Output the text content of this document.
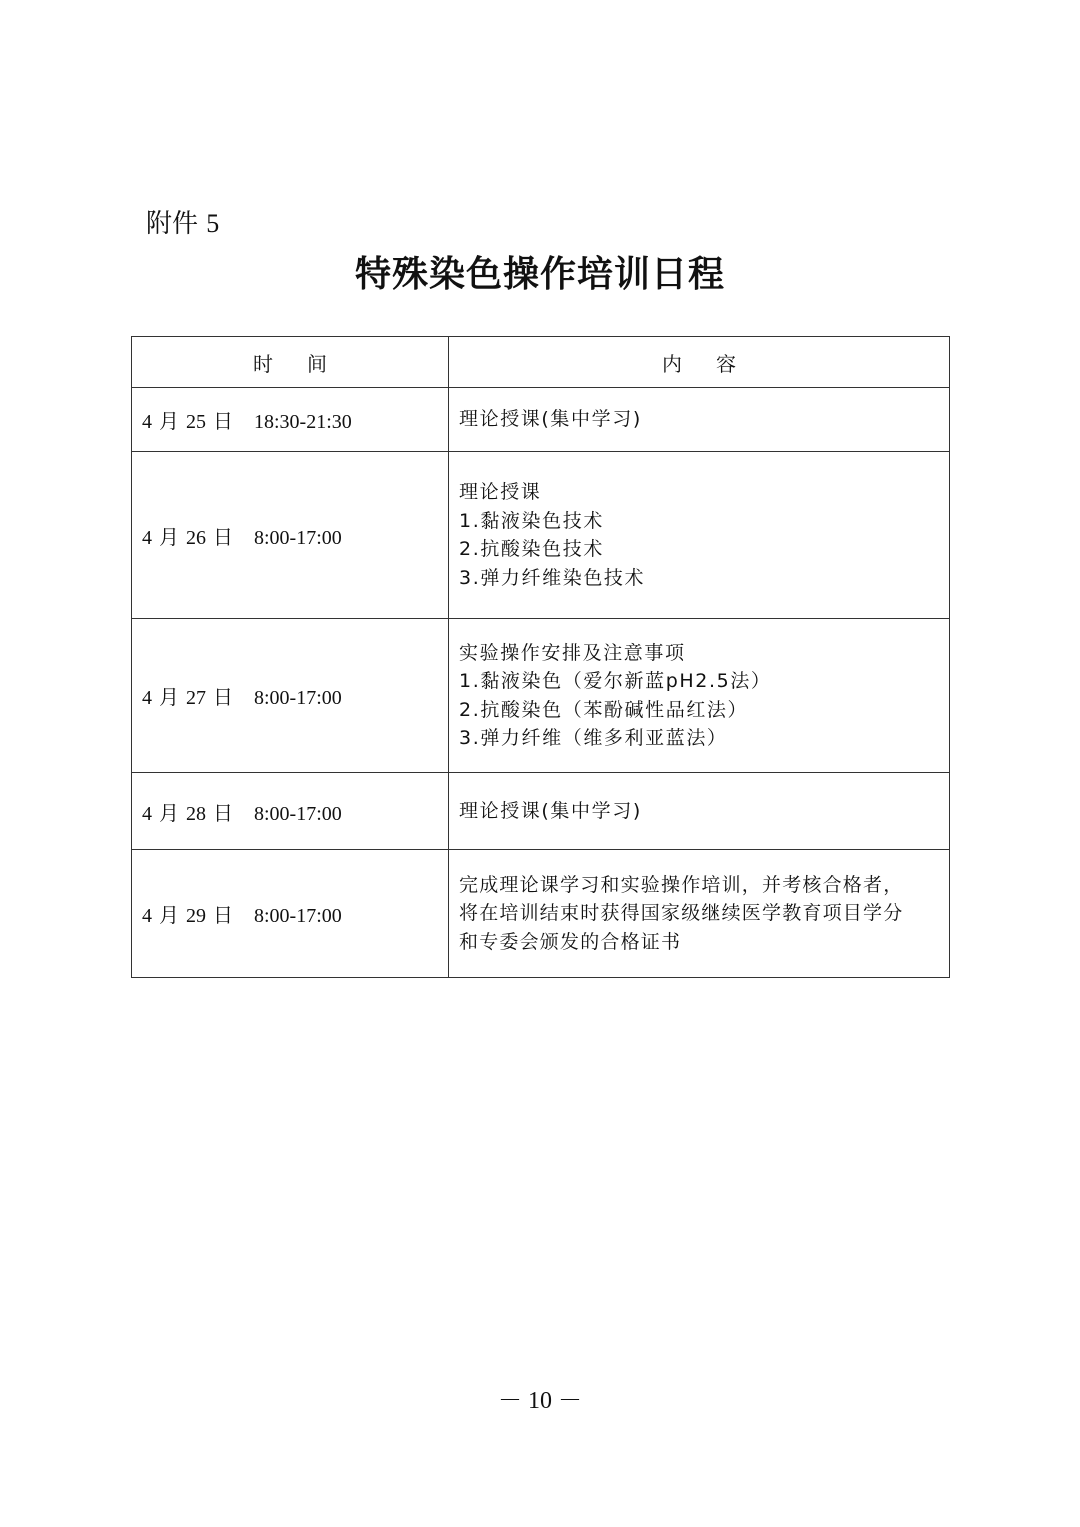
附件 5
特殊染色操作培训日程
时间	内容
4 月 25 日   18:30-21:30	理论授课(集中学习)

4 月 26 日   8:00-17:00	理论授课
1.黏液染色技术
2.抗酸染色技术
3.弹力纤维染色技术

4 月 27 日   8:00-17:00	实验操作安排及注意事项
1.黏液染色（爱尔新蓝pH2.5法）
2.抗酸染色（苯酚碱性品红法）
3.弹力纤维（维多利亚蓝法）

4 月 28 日   8:00-17:00	理论授课(集中学习)

4 月 29 日   8:00-17:00	完成理论课学习和实验操作培训，并考核合格者，
将在培训结束时获得国家级继续医学教育项目学分
和专委会颁发的合格证书
－ 10 －
